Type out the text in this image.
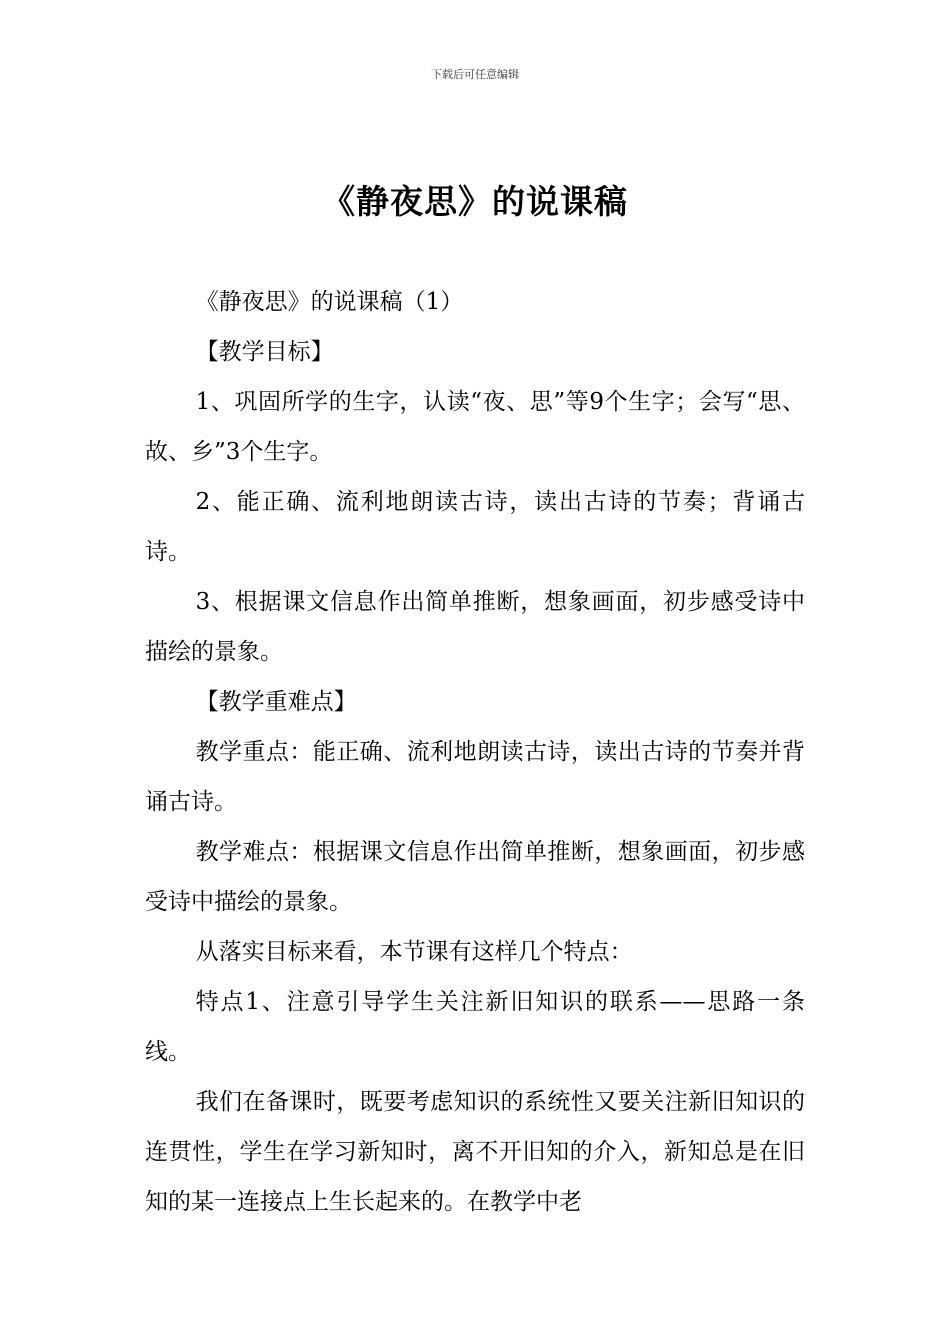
下载后可任意编辑
《静夜思》的说课稿

《静夜思》的说课稿（1）

【教学目标】

1、巩固所学的生字，认读“夜、思”等9个生字；会写“思、故、乡”3个生字。

2、能正确、流利地朗读古诗，读出古诗的节奏；背诵古诗。

3、根据课文信息作出简单推断，想象画面，初步感受诗中描绘的景象。

【教学重难点】

教学重点：能正确、流利地朗读古诗，读出古诗的节奏并背诵古诗。

教学难点：根据课文信息作出简单推断，想象画面，初步感受诗中描绘的景象。

从落实目标来看，本节课有这样几个特点：

特点1、注意引导学生关注新旧知识的联系——思路一条线。

我们在备课时，既要考虑知识的系统性又要关注新旧知识的连贯性，学生在学习新知时，离不开旧知的介入，新知总是在旧知的某一连接点上生长起来的。在教学中老
